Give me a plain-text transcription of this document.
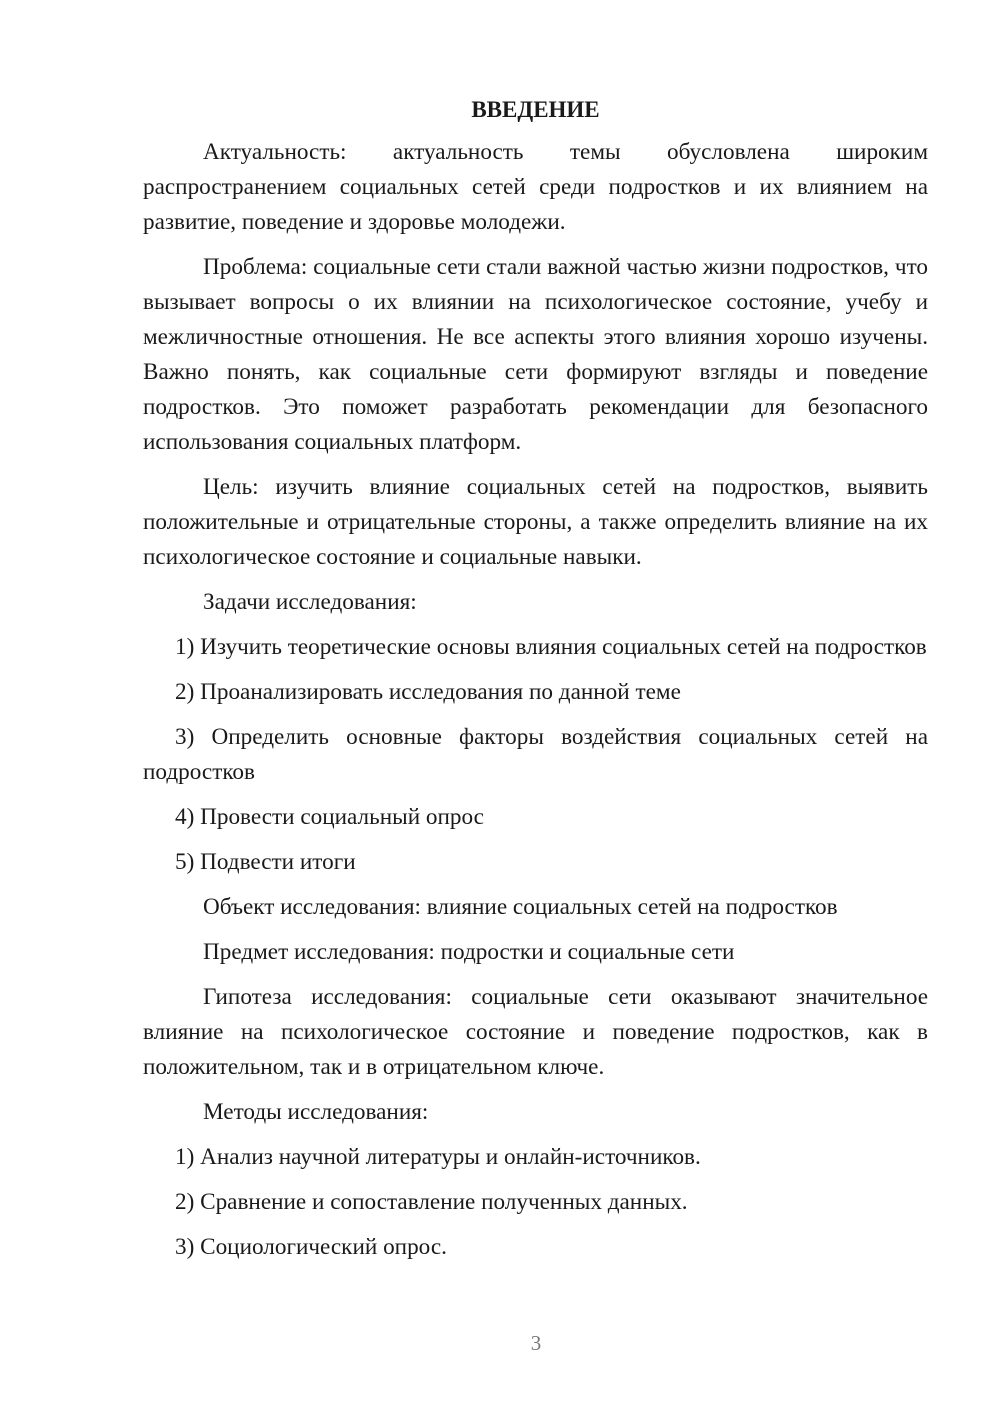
ВВЕДЕНИЕ

Актуальность: актуальность темы обусловлена широким распространением социальных сетей среди подростков и их влиянием на развитие, поведение и здоровье молодежи.

Проблема: социальные сети стали важной частью жизни подростков, что вызывает вопросы о их влиянии на психологическое состояние, учебу и межличностные отношения. Не все аспекты этого влияния хорошо изучены. Важно понять, как социальные сети формируют взгляды и поведение подростков. Это поможет разработать рекомендации для безопасного использования социальных платформ.

Цель: изучить влияние социальных сетей на подростков, выявить положительные и отрицательные стороны, а также определить влияние на их психологическое состояние и социальные навыки.

Задачи исследования:

1) Изучить теоретические основы влияния социальных сетей на подростков

2) Проанализировать исследования по данной теме

3) Определить основные факторы воздействия социальных сетей на подростков

4) Провести социальный опрос

5) Подвести итоги

Объект исследования: влияние социальных сетей на подростков

Предмет исследования: подростки и социальные сети

Гипотеза исследования: социальные сети оказывают значительное влияние на психологическое состояние и поведение подростков, как в положительном, так и в отрицательном ключе.

Методы исследования:

1) Анализ научной литературы и онлайн-источников.

2) Сравнение и сопоставление полученных данных.

3) Социологический опрос.

3
